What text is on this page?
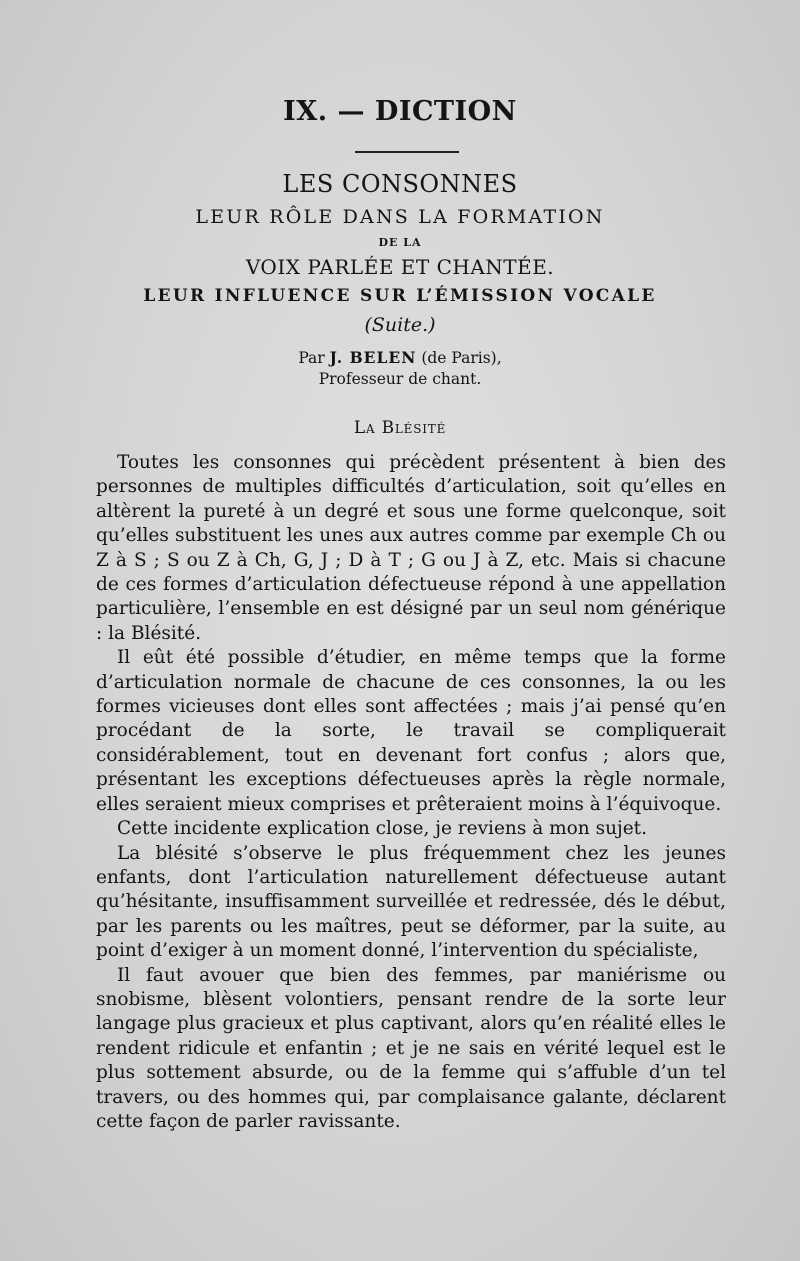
IX. — DICTION
LES CONSONNES
LEUR RÔLE DANS LA FORMATION
DE LA
VOIX PARLÉE ET CHANTÉE.
LEUR INFLUENCE SUR L’ÉMISSION VOCALE
(Suite.)
Par J. BELEN (de Paris),
Professeur de chant.
La Blésité

Toutes les consonnes qui précèdent présentent à bien des personnes de multiples difficultés d’articulation, soit qu’elles en altèrent la pureté à un degré et sous une forme quelconque, soit qu’elles substituent les unes aux autres comme par exemple Ch ou Z à S ; S ou Z à Ch, G, J ; D à T ; G ou J à Z, etc. Mais si chacune de ces formes d’articulation défectueuse répond à une appellation particulière, l’ensemble en est désigné par un seul nom générique : la Blésité.

Il eût été possible d’étudier, en même temps que la forme d’articulation normale de chacune de ces consonnes, la ou les formes vicieuses dont elles sont affectées ; mais j’ai pensé qu’en procédant de la sorte, le travail se compliquerait considérablement, tout en devenant fort confus ; alors que, présentant les exceptions défectueuses après la règle normale, elles seraient mieux comprises et prêteraient moins à l’équivoque.

Cette incidente explication close, je reviens à mon sujet.

La blésité s’observe le plus fréquemment chez les jeunes enfants, dont l’articulation naturellement défectueuse autant qu’hésitante, insuffisamment surveillée et redressée, dés le début, par les parents ou les maîtres, peut se déformer, par la suite, au point d’exiger à un moment donné, l’intervention du spécialiste,

Il faut avouer que bien des femmes, par maniérisme ou snobisme, blèsent volontiers, pensant rendre de la sorte leur langage plus gracieux et plus captivant, alors qu’en réalité elles le rendent ridicule et enfantin ; et je ne sais en vérité lequel est le plus sottement absurde, ou de la femme qui s’affuble d’un tel travers, ou des hommes qui, par complaisance galante, déclarent cette façon de parler ravissante.
